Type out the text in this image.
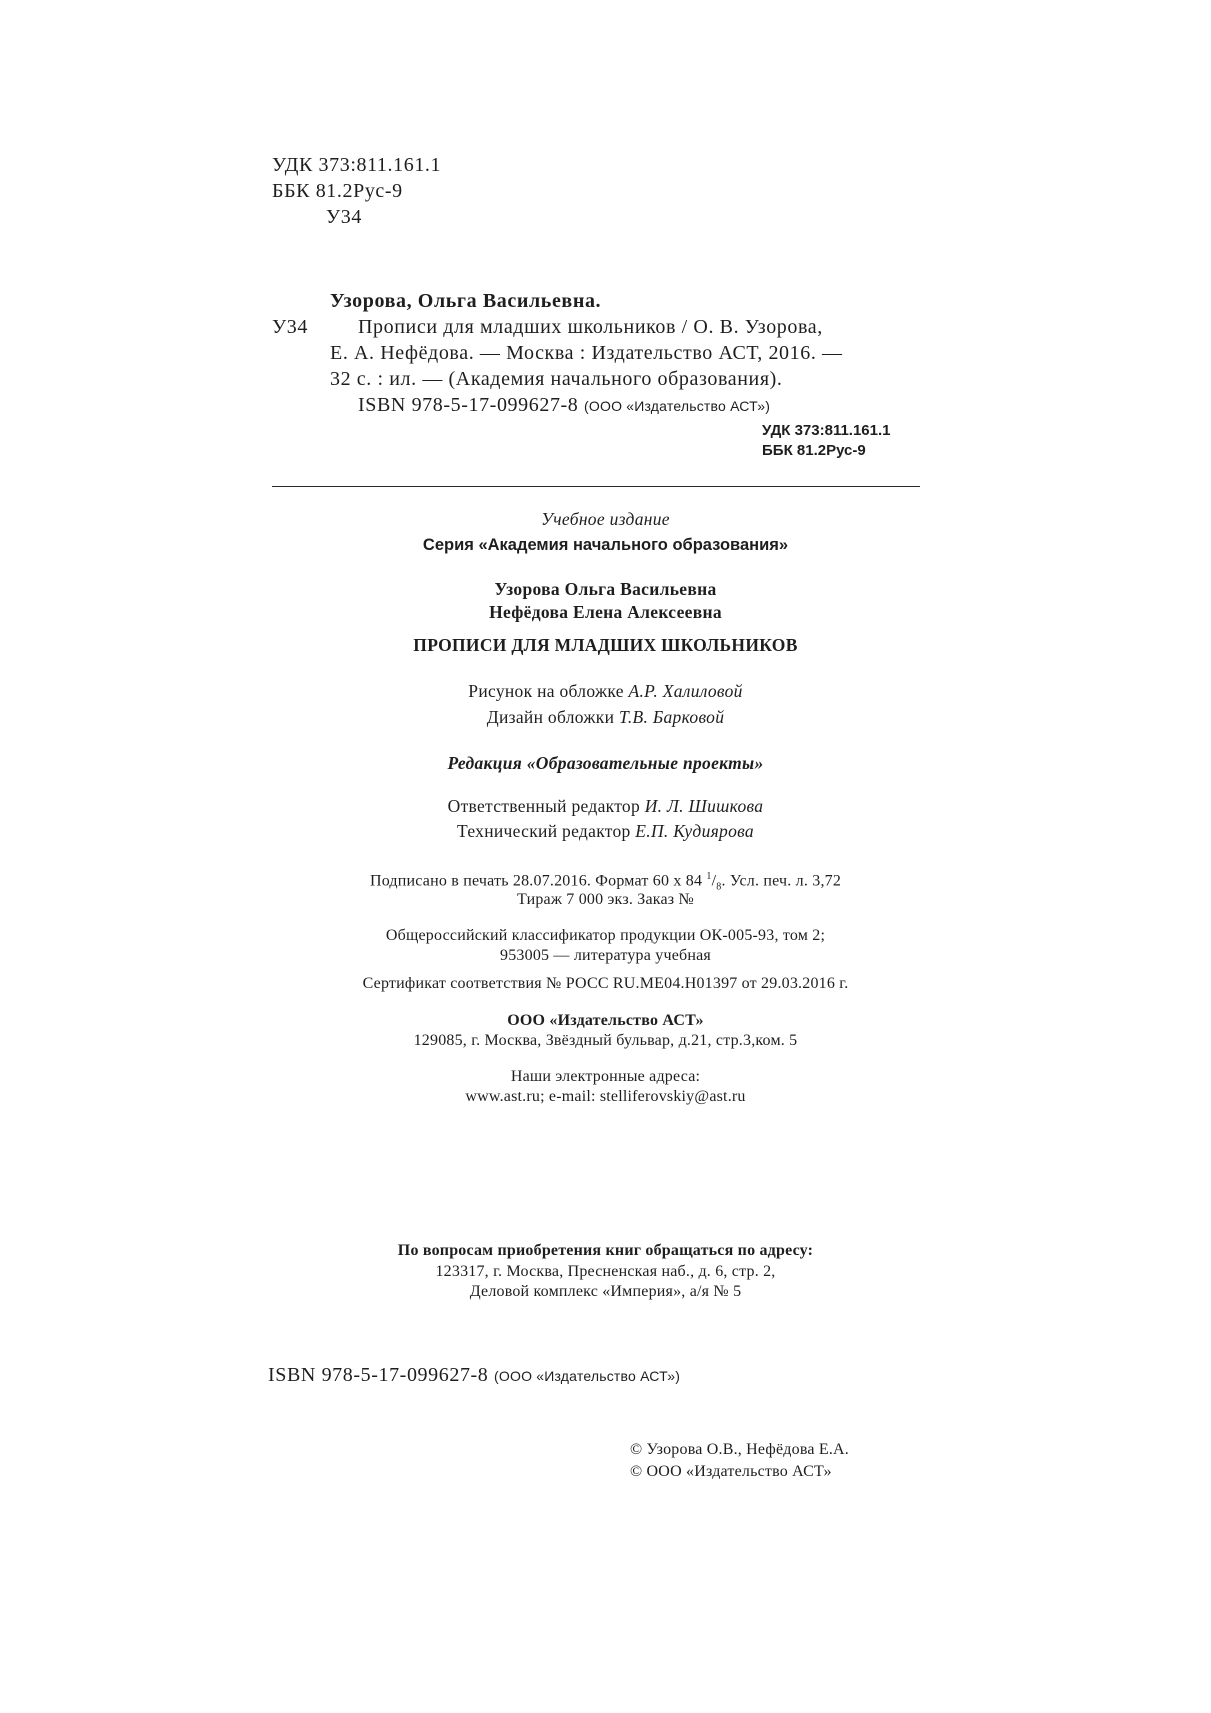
УДК 373:811.161.1
ББК 81.2Рус-9
У34
Узорова, Ольга Васильевна.
У34	Прописи для младших школьников / О. В. Узорова,
Е. А. Нефёдова. — Москва : Издательство АСТ, 2016. —
32 с. : ил. — (Академия начального образования).
ISBN 978-5-17-099627-8 (ООО «Издательство АСТ»)
УДК 373:811.161.1
ББК 81.2Рус-9
Учебное издание
Серия «Академия начального образования»
Узорова Ольга Васильевна
Нефёдова Елена Алексеевна
ПРОПИСИ ДЛЯ МЛАДШИХ ШКОЛЬНИКОВ
Рисунок на обложке А.Р. Халиловой
Дизайн обложки Т.В. Барковой
Редакция «Образовательные проекты»
Ответственный редактор И. Л. Шишкова
Технический редактор Е.П. Кудиярова
Подписано в печать 28.07.2016. Формат 60 х 84 $^1/_8$. Усл. печ. л. 3,72
Тираж 7 000 экз. Заказ №
Общероссийский классификатор продукции ОК-005-93, том 2;
953005 — литература учебная
Сертификат соответствия № РОСС RU.ME04.H01397 от 29.03.2016 г.
ООО «Издательство АСТ»
129085, г. Москва, Звёздный бульвар, д.21, стр.3,ком. 5
Наши электронные адреса:
www.ast.ru; e-mail: stelliferovskiy@ast.ru
По вопросам приобретения книг обращаться по адресу:
123317, г. Москва, Пресненская наб., д. 6, стр. 2,
Деловой комплекс «Империя», а/я № 5
ISBN 978-5-17-099627-8 (ООО «Издательство АСТ»)
© Узорова О.В., Нефёдова Е.А.
© ООО «Издательство АСТ»
